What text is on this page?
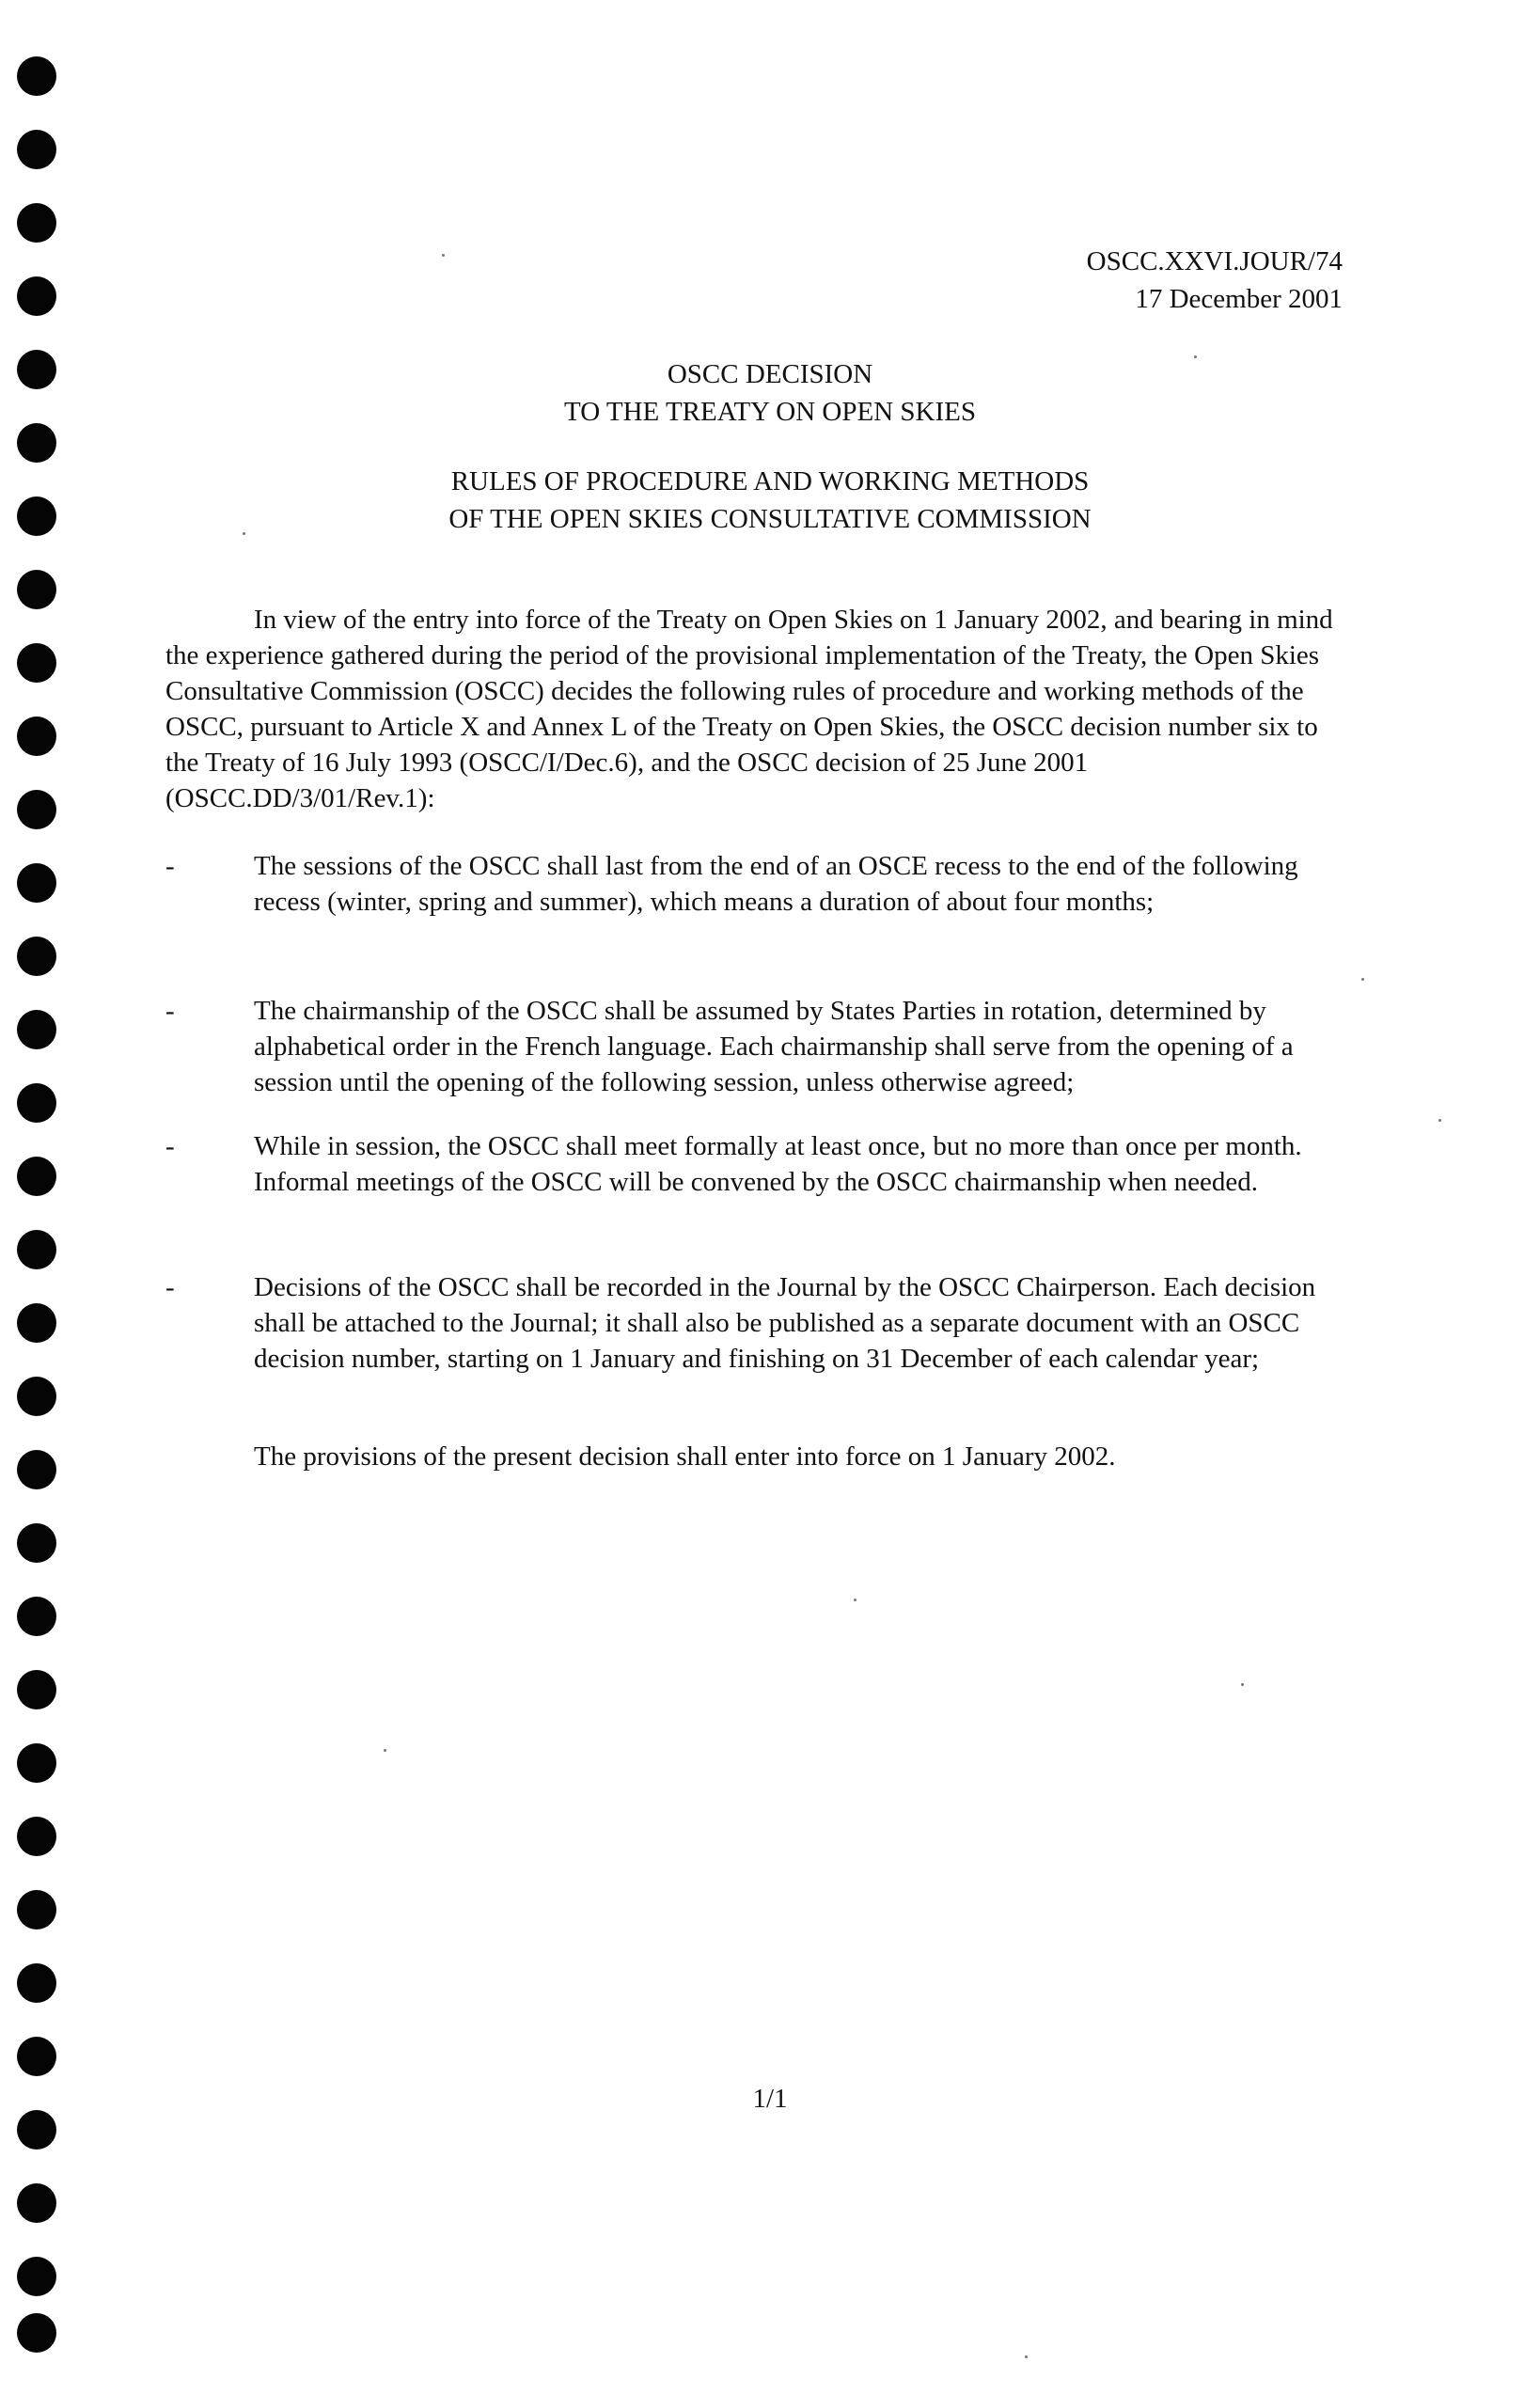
OSCC.XXVI.JOUR/74
17 December 2001
OSCC DECISION
TO THE TREATY ON OPEN SKIES
RULES OF PROCEDURE AND WORKING METHODS
OF THE OPEN SKIES CONSULTATIVE COMMISSION
In view of the entry into force of the Treaty on Open Skies on 1 January 2002, and bearing in mind the experience gathered during the period of the provisional implementation of the Treaty, the Open Skies Consultative Commission (OSCC) decides the following rules of procedure and working methods of the OSCC, pursuant to Article X and Annex L of the Treaty on Open Skies, the OSCC decision number six to the Treaty of 16 July 1993 (OSCC/I/Dec.6), and the OSCC decision of 25 June 2001 (OSCC.DD/3/01/Rev.1):
-	The sessions of the OSCC shall last from the end of an OSCE recess to the end of the following recess (winter, spring and summer), which means a duration of about four months;
-	The chairmanship of the OSCC shall be assumed by States Parties in rotation, determined by alphabetical order in the French language. Each chairmanship shall serve from the opening of a session until the opening of the following session, unless otherwise agreed;
-	While in session, the OSCC shall meet formally at least once, but no more than once per month. Informal meetings of the OSCC will be convened by the OSCC chairmanship when needed.
-	Decisions of the OSCC shall be recorded in the Journal by the OSCC Chairperson. Each decision shall be attached to the Journal; it shall also be published as a separate document with an OSCC decision number, starting on 1 January and finishing on 31 December of each calendar year;
The provisions of the present decision shall enter into force on 1 January 2002.
1/1
